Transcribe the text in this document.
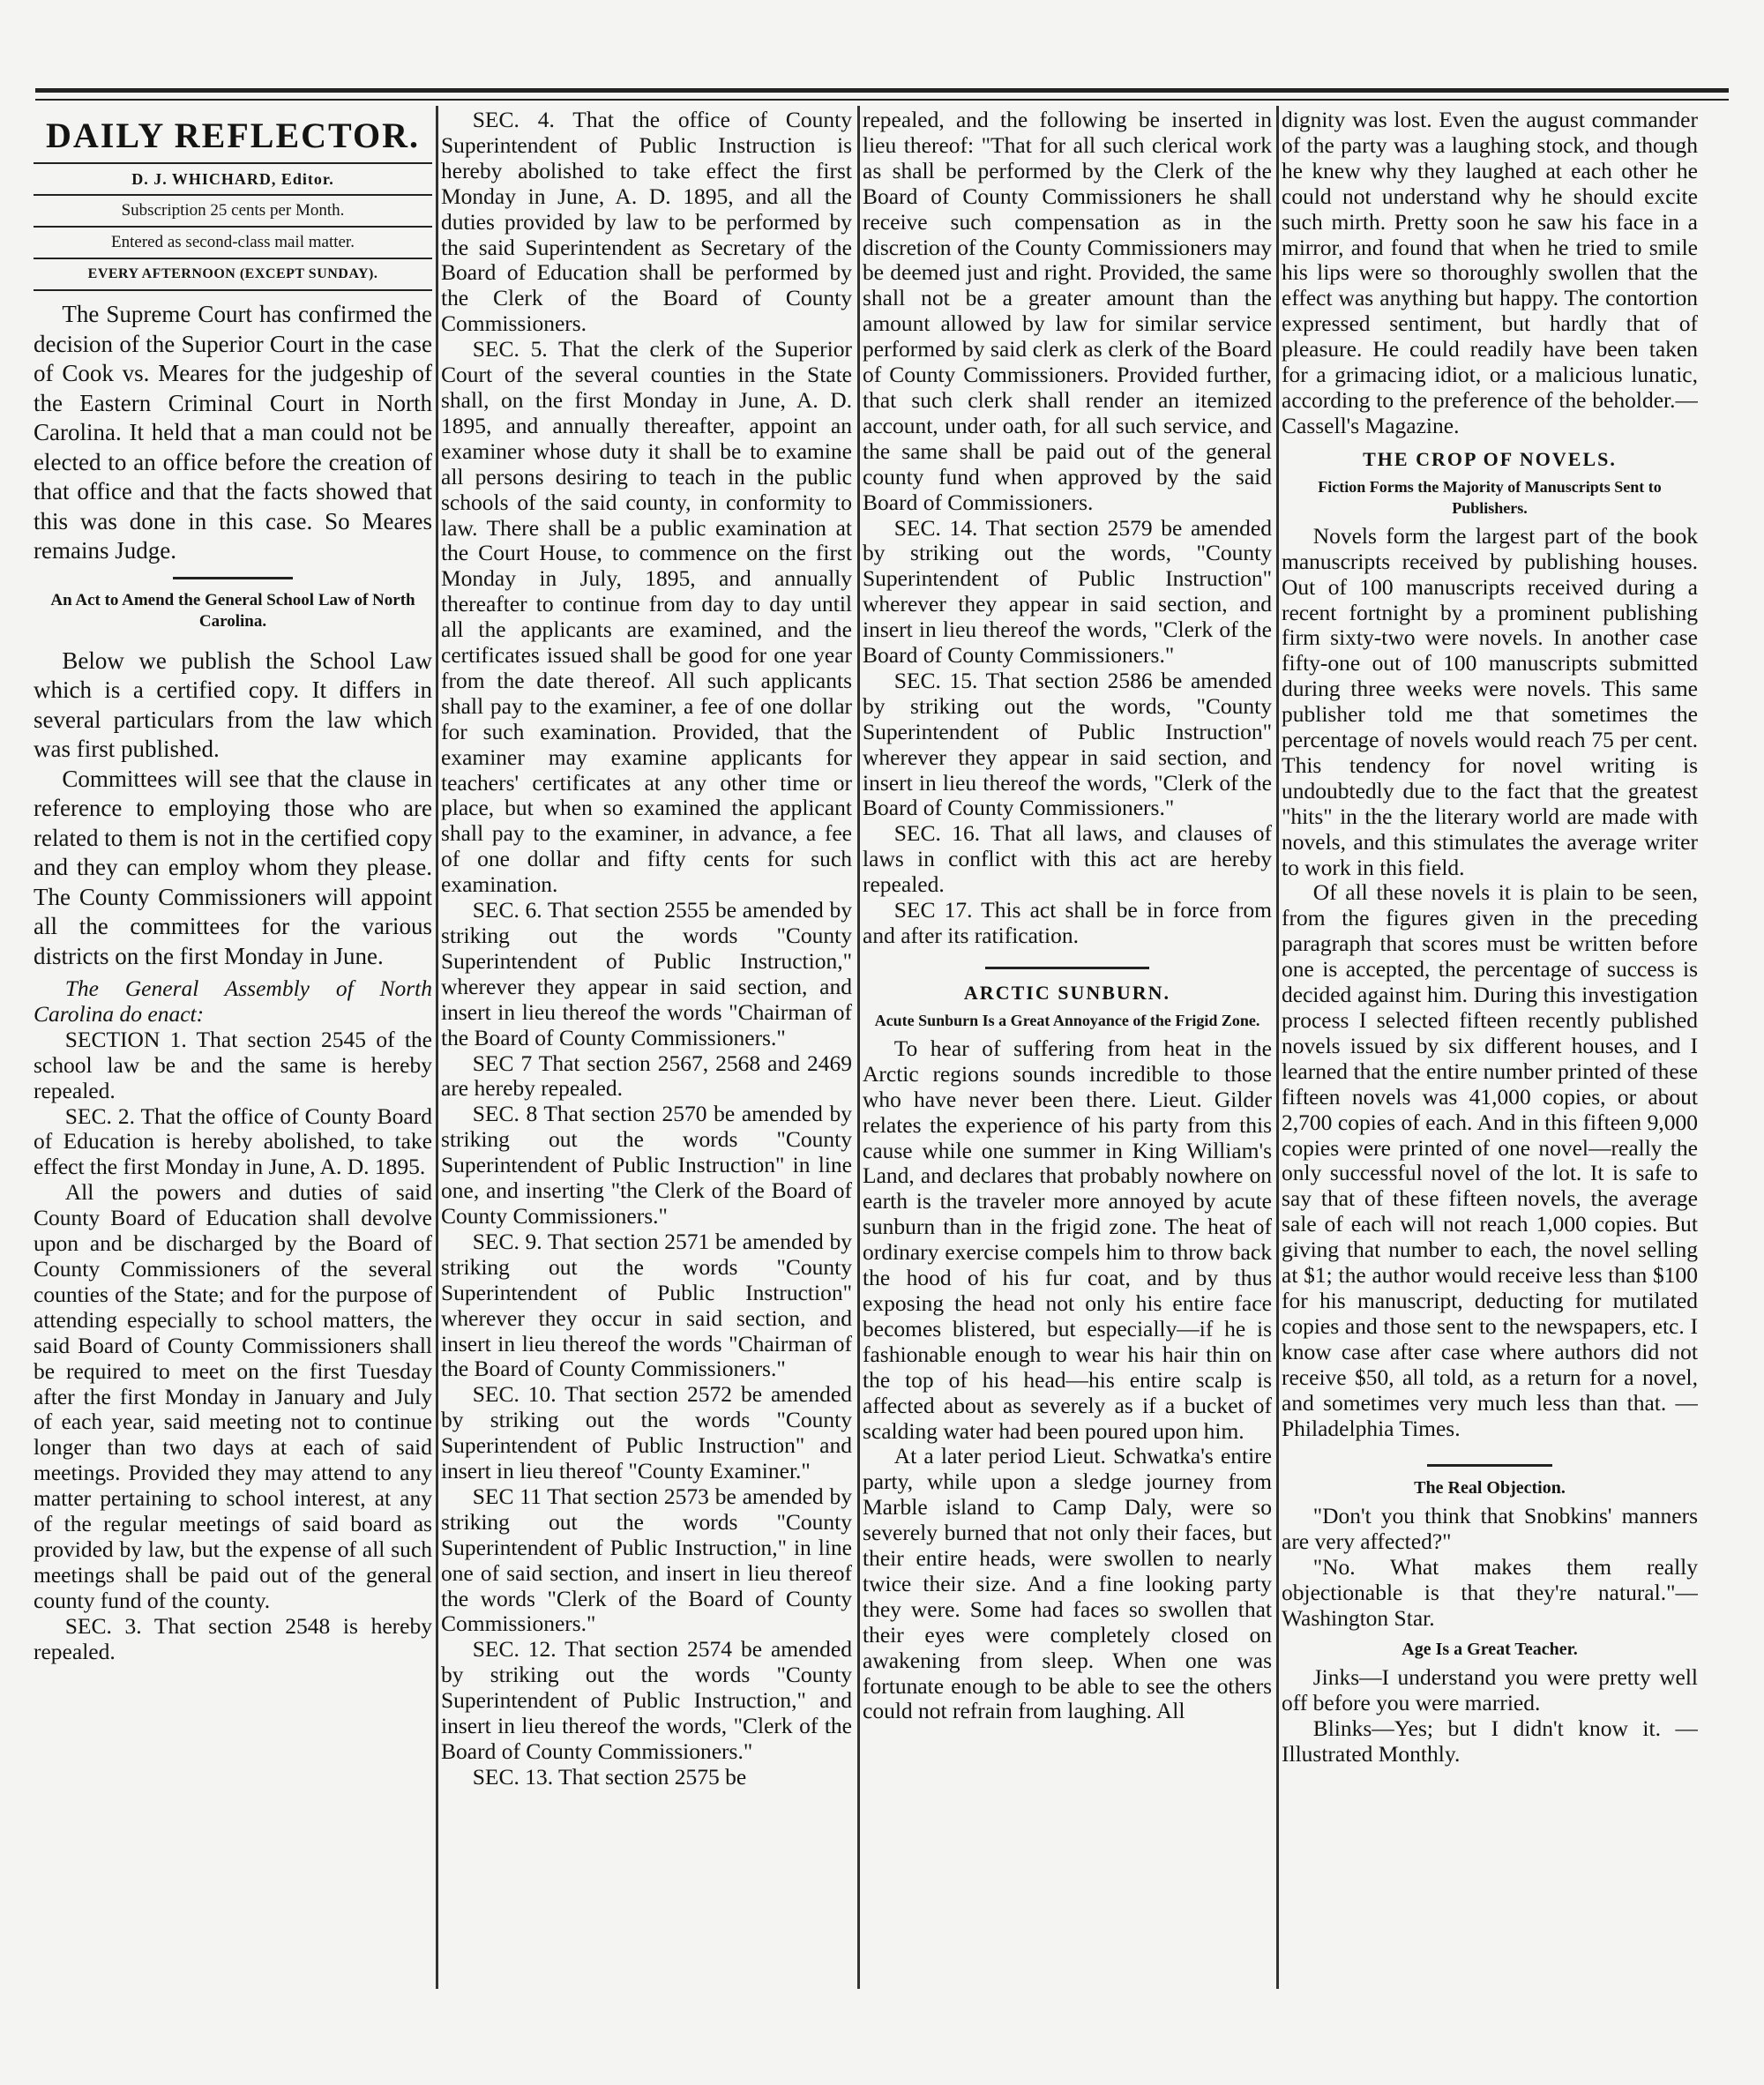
DAILY REFLECTOR.
D. J. WHICHARD, Editor.
Subscription 25 cents per Month.
Entered as second-class mail matter.
EVERY AFTERNOON (EXCEPT SUNDAY).

The Supreme Court has confirmed the decision of the Superior Court in the case of Cook vs. Meares for the judgeship of the Eastern Criminal Court in North Carolina. It held that a man could not be elected to an office before the creation of that office and that the facts showed that this was done in this case. So Meares remains Judge.

An Act to Amend the General School Law of North Carolina.

Below we publish the School Law which is a certified copy. It differs in several particulars from the law which was first published.

Committees will see that the clause in reference to employing those who are related to them is not in the certified copy and they can employ whom they please. The County Commissioners will appoint all the committees for the various districts on the first Monday in June.

The General Assembly of North Carolina do enact:

SECTION 1. That section 2545 of the school law be and the same is hereby repealed.

SEC. 2. That the office of County Board of Education is hereby abolished, to take effect the first Monday in June, A. D. 1895.

All the powers and duties of said County Board of Education shall devolve upon and be discharged by the Board of County Commissioners of the several counties of the State; and for the purpose of attending especially to school matters, the said Board of County Commissioners shall be required to meet on the first Tuesday after the first Monday in January and July of each year, said meeting not to continue longer than two days at each of said meetings. Provided they may attend to any matter pertaining to school interest, at any of the regular meetings of said board as provided by law, but the expense of all such meetings shall be paid out of the general county fund of the county.

SEC. 3. That section 2548 is hereby repealed.

SEC. 4. That the office of County Superintendent of Public Instruction is hereby abolished to take effect the first Monday in June, A. D. 1895, and all the duties provided by law to be performed by the said Superintendent as Secretary of the Board of Education shall be performed by the Clerk of the Board of County Commissioners.

SEC. 5. That the clerk of the Superior Court of the several counties in the State shall, on the first Monday in June, A. D. 1895, and annually thereafter, appoint an examiner whose duty it shall be to examine all persons desiring to teach in the public schools of the said county, in conformity to law. There shall be a public examination at the Court House, to commence on the first Monday in July, 1895, and annually thereafter to continue from day to day until all the applicants are examined, and the certificates issued shall be good for one year from the date thereof. All such applicants shall pay to the examiner, a fee of one dollar for such examination. Provided, that the examiner may examine applicants for teachers' certificates at any other time or place, but when so examined the applicant shall pay to the examiner, in advance, a fee of one dollar and fifty cents for such examination.

SEC. 6. That section 2555 be amended by striking out the words "County Superintendent of Public Instruction," wherever they appear in said section, and insert in lieu thereof the words "Chairman of the Board of County Commissioners."

SEC 7 That section 2567, 2568 and 2469 are hereby repealed.

SEC. 8 That section 2570 be amended by striking out the words "County Superintendent of Public Instruction" in line one, and inserting "the Clerk of the Board of County Commissioners."

SEC. 9. That section 2571 be amended by striking out the words "County Superintendent of Public Instruction" wherever they occur in said section, and insert in lieu thereof the words "Chairman of the Board of County Commissioners."

SEC. 10. That section 2572 be amended by striking out the words "County Superintendent of Public Instruction" and insert in lieu thereof "County Examiner."

SEC 11 That section 2573 be amended by striking out the words "County Superintendent of Public Instruction," in line one of said section, and insert in lieu thereof the words "Clerk of the Board of County Commissioners."

SEC. 12. That section 2574 be amended by striking out the words "County Superintendent of Public Instruction," and insert in lieu thereof the words, "Clerk of the Board of County Commissioners."

SEC. 13. That section 2575 be

repealed, and the following be inserted in lieu thereof: "That for all such clerical work as shall be performed by the Clerk of the Board of County Commissioners he shall receive such compensation as in the discretion of the County Commissioners may be deemed just and right. Provided, the same shall not be a greater amount than the amount allowed by law for similar service performed by said clerk as clerk of the Board of County Commissioners. Provided further, that such clerk shall render an itemized account, under oath, for all such service, and the same shall be paid out of the general county fund when approved by the said Board of Commissioners.

SEC. 14. That section 2579 be amended by striking out the words, "County Superintendent of Public Instruction" wherever they appear in said section, and insert in lieu thereof the words, "Clerk of the Board of County Commissioners."

SEC. 15. That section 2586 be amended by striking out the words, "County Superintendent of Public Instruction" wherever they appear in said section, and insert in lieu thereof the words, "Clerk of the Board of County Commissioners."

SEC. 16. That all laws, and clauses of laws in conflict with this act are hereby repealed.

SEC 17. This act shall be in force from and after its ratification.

ARCTIC SUNBURN.
Acute Sunburn Is a Great Annoyance of the Frigid Zone.

To hear of suffering from heat in the Arctic regions sounds incredible to those who have never been there. Lieut. Gilder relates the experience of his party from this cause while one summer in King William's Land, and declares that probably nowhere on earth is the traveler more annoyed by acute sunburn than in the frigid zone. The heat of ordinary exercise compels him to throw back the hood of his fur coat, and by thus exposing the head not only his entire face becomes blistered, but especially—if he is fashionable enough to wear his hair thin on the top of his head—his entire scalp is affected about as severely as if a bucket of scalding water had been poured upon him.

At a later period Lieut. Schwatka's entire party, while upon a sledge journey from Marble island to Camp Daly, were so severely burned that not only their faces, but their entire heads, were swollen to nearly twice their size. And a fine looking party they were. Some had faces so swollen that their eyes were completely closed on awakening from sleep. When one was fortunate enough to be able to see the others could not refrain from laughing. All

dignity was lost. Even the august commander of the party was a laughing stock, and though he knew why they laughed at each other he could not understand why he should excite such mirth. Pretty soon he saw his face in a mirror, and found that when he tried to smile his lips were so thoroughly swollen that the effect was anything but happy. The contortion expressed sentiment, but hardly that of pleasure. He could readily have been taken for a grimacing idiot, or a malicious lunatic, according to the preference of the beholder.—Cassell's Magazine.

THE CROP OF NOVELS.
Fiction Forms the Majority of Manuscripts Sent to Publishers.

Novels form the largest part of the book manuscripts received by publishing houses. Out of 100 manuscripts received during a recent fortnight by a prominent publishing firm sixty-two were novels. In another case fifty-one out of 100 manuscripts submitted during three weeks were novels. This same publisher told me that sometimes the percentage of novels would reach 75 per cent. This tendency for novel writing is undoubtedly due to the fact that the greatest "hits" in the the literary world are made with novels, and this stimulates the average writer to work in this field.

Of all these novels it is plain to be seen, from the figures given in the preceding paragraph that scores must be written before one is accepted, the percentage of success is decided against him. During this investigation process I selected fifteen recently published novels issued by six different houses, and I learned that the entire number printed of these fifteen novels was 41,000 copies, or about 2,700 copies of each. And in this fifteen 9,000 copies were printed of one novel—really the only successful novel of the lot. It is safe to say that of these fifteen novels, the average sale of each will not reach 1,000 copies. But giving that number to each, the novel selling at $1; the author would receive less than $100 for his manuscript, deducting for mutilated copies and those sent to the newspapers, etc. I know case after case where authors did not receive $50, all told, as a return for a novel, and sometimes very much less than that. —Philadelphia Times.

The Real Objection.

"Don't you think that Snobkins' manners are very affected?"

"No. What makes them really objectionable is that they're natural."—Washington Star.

Age Is a Great Teacher.

Jinks—I understand you were pretty well off before you were married.

Blinks—Yes; but I didn't know it. —Illustrated Monthly.
